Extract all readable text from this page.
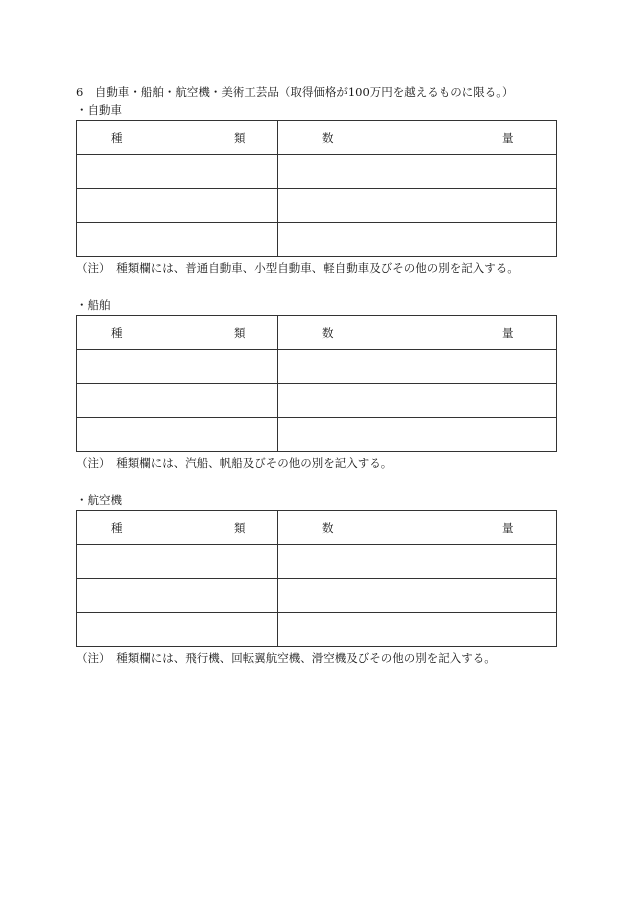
6　自動車・船舶・航空機・美術工芸品（取得価格が100万円を越えるものに限る。）
・自動車
種 類	数 量

（注）　種類欄には、普通自動車、小型自動車、軽自動車及びその他の別を記入する。
・船舶
種 類	数 量

（注）　種類欄には、汽船、帆船及びその他の別を記入する。
・航空機
種 類	数 量

（注）　種類欄には、飛行機、回転翼航空機、滑空機及びその他の別を記入する。
